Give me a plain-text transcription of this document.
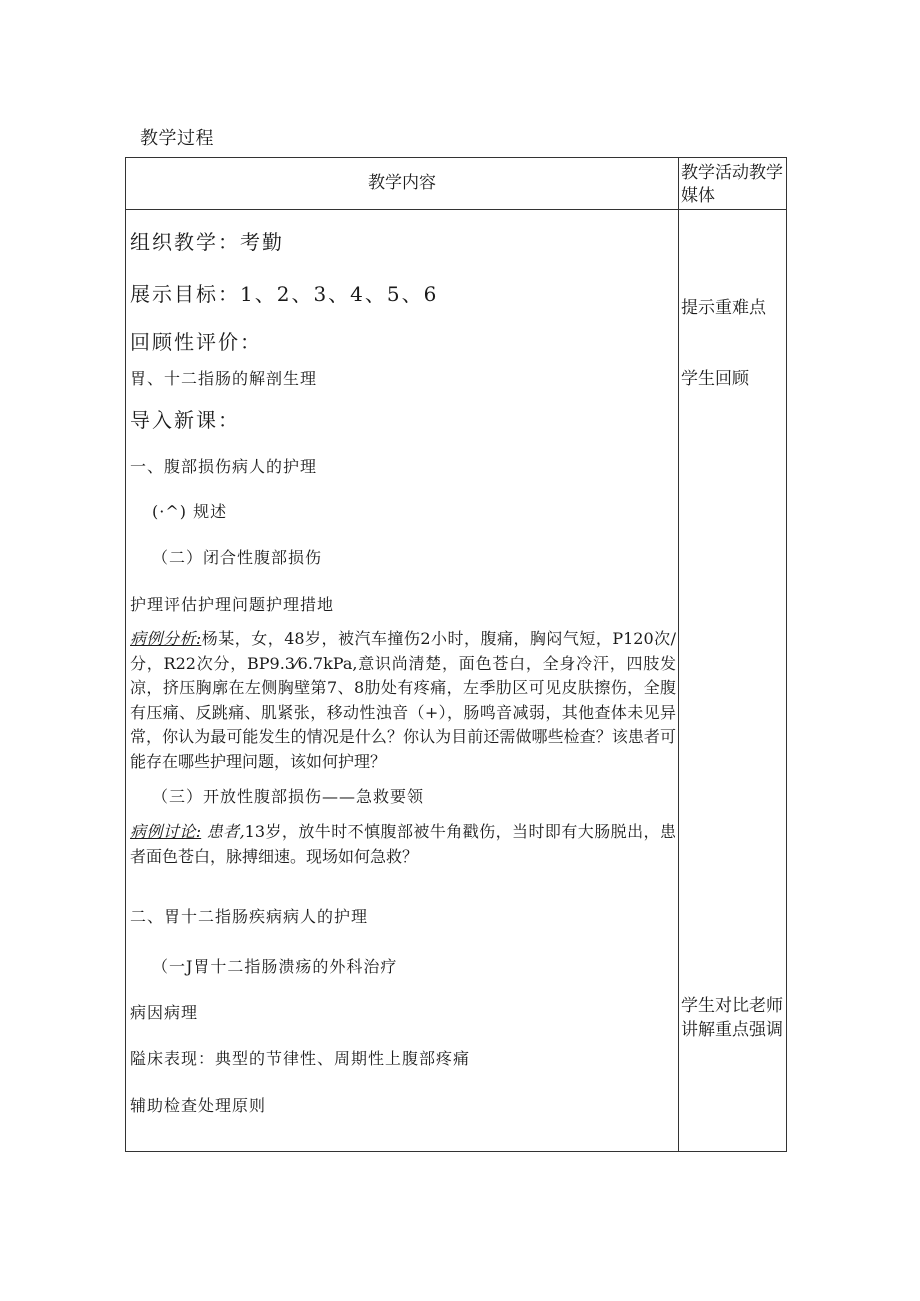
教学过程
教学内容	教学活动教学媒体
组织教学：考勤
展示目标：1、2、3、4、5、6
回顾性评价：
胃、十二指肠的解剖生理
导入新课：
一、腹部损伤病人的护理
(·^) 规述
（二）闭合性腹部损伤
护理评估护理问题护理措地
病例分析:杨某，女，48岁，被汽车撞伤2小时，腹痛，胸闷气短，P120次/分，R22次分，BP9.3⁄6.7kPa,意识尚清楚，面色苍白，全身冷汗，四肢发凉，挤压胸廓在左侧胸壁第7、8肋处有疼痛，左季肋区可见皮肤擦伤，全腹有压痛、反跳痛、肌紧张，移动性浊音（+），肠鸣音减弱，其他查体未见异常，你认为最可能发生的情况是什么？你认为目前还需做哪些检查？该患者可能存在哪些护理问题，该如何护理？
（三）开放性腹部损伤——急救要领
病例讨论: 患者,13岁，放牛时不慎腹部被牛角戳伤，当时即有大肠脱出，患者面色苍白，脉搏细速。现场如何急救？
二、胃十二指肠疾病病人的护理
（一J胃十二指肠溃疡的外科治疗
病因病理
隘床表现：典型的节律性、周期性上腹部疼痛
辅助检查处理原则
提示重难点
学生回顾
学生对比老师讲解重点强调
